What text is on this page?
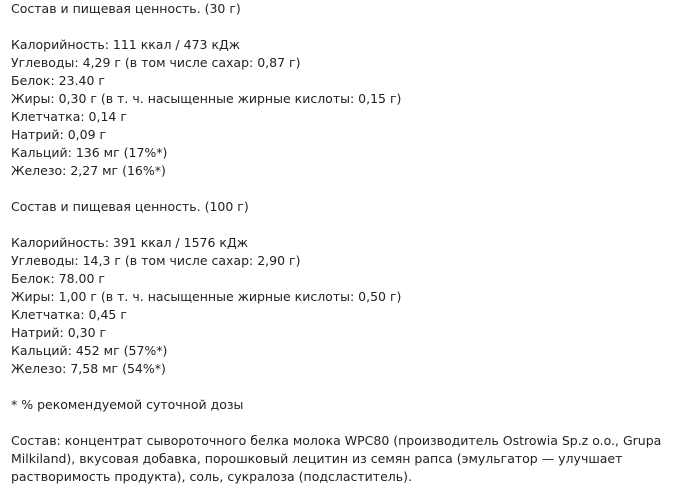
Состав и пищевая ценность. (30 г)
Калорийность: 111 ккал / 473 кДж
Углеводы: 4,29 г (в том числе сахар: 0,87 г)
Белок: 23.40 г
Жиры: 0,30 г (в т. ч. насыщенные жирные кислоты: 0,15 г)
Клетчатка: 0,14 г
Натрий: 0,09 г
Кальций: 136 мг (17%*)
Железо: 2,27 мг (16%*)
Состав и пищевая ценность. (100 г)
Калорийность: 391 ккал / 1576 кДж
Углеводы: 14,3 г (в том числе сахар: 2,90 г)
Белок: 78.00 г
Жиры: 1,00 г (в т. ч. насыщенные жирные кислоты: 0,50 г)
Клетчатка: 0,45 г
Натрий: 0,30 г
Кальций: 452 мг (57%*)
Железо: 7,58 мг (54%*)
* % рекомендуемой суточной дозы
Состав: концентрат сывороточного белка молока WPC80 (производитель Ostrowia Sp.z o.o., Grupa Milkiland), вкусовая добавка, порошковый лецитин из семян рапса (эмульгатор — улучшает растворимость продукта), соль, сукралоза (подсластитель).
